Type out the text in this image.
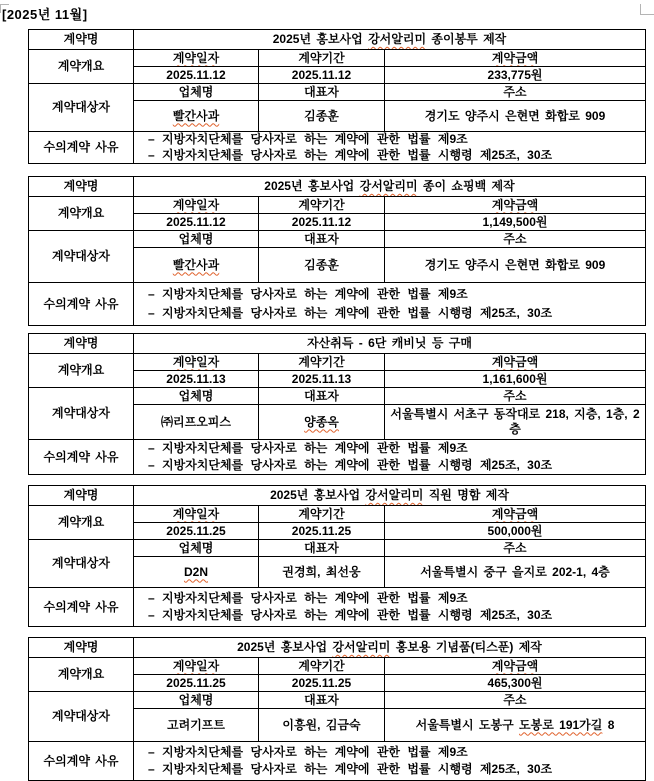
[2025년 11월]
계약명	2025년 홍보사업 강서알리미 종이봉투 제작		
계약개요	계약일자	계약기간	계약금액
	2025.11.12	2025.11.12	233,775원
계약대상자	업체명	대표자	주소
	빨간사과	김종훈	경기도 양주시 은현면 화합로 909
수의계약 사유	– 지방자치단체를 당사자로 하는 계약에 관한 법률 제9조
– 지방자치단체를 당사자로 하는 계약에 관한 법률 시행령 제25조, 30조		
계약명	2025년 홍보사업 강서알리미 종이 쇼핑백 제작		
계약개요	계약일자	계약기간	계약금액
	2025.11.12	2025.11.12	1,149,500원
계약대상자	업체명	대표자	주소
	빨간사과	김종훈	경기도 양주시 은현면 화합로 909
수의계약 사유	– 지방자치단체를 당사자로 하는 계약에 관한 법률 제9조
– 지방자치단체를 당사자로 하는 계약에 관한 법률 시행령 제25조, 30조		
계약명	자산취득 - 6단 캐비닛 등 구매		
계약개요	계약일자	계약기간	계약금액
	2025.11.13	2025.11.13	1,161,600원
계약대상자	업체명	대표자	주소
	㈜리프오피스	양종옥	서울특별시 서초구 동작대로 218, 지층, 1층, 2층
수의계약 사유	– 지방자치단체를 당사자로 하는 계약에 관한 법률 제9조
– 지방자치단체를 당사자로 하는 계약에 관한 법률 시행령 제25조, 30조		
계약명	2025년 홍보사업 강서알리미 직원 명함 제작		
계약개요	계약일자	계약기간	계약금액
	2025.11.25	2025.11.25	500,000원
계약대상자	업체명	대표자	주소
	D2N	권경희, 최선웅	서울특별시 중구 을지로 202-1, 4층
수의계약 사유	– 지방자치단체를 당사자로 하는 계약에 관한 법률 제9조
– 지방자치단체를 당사자로 하는 계약에 관한 법률 시행령 제25조, 30조		
계약명	2025년 홍보사업 강서알리미 홍보용 기념품(티스푼) 제작		
계약개요	계약일자	계약기간	계약금액
	2025.11.25	2025.11.25	465,300원
계약대상자	업체명	대표자	주소
	고려기프트	이흥원, 김금숙	서울특별시 도봉구 도봉로 191가길 8
수의계약 사유	– 지방자치단체를 당사자로 하는 계약에 관한 법률 제9조
– 지방자치단체를 당사자로 하는 계약에 관한 법률 시행령 제25조, 30조		
